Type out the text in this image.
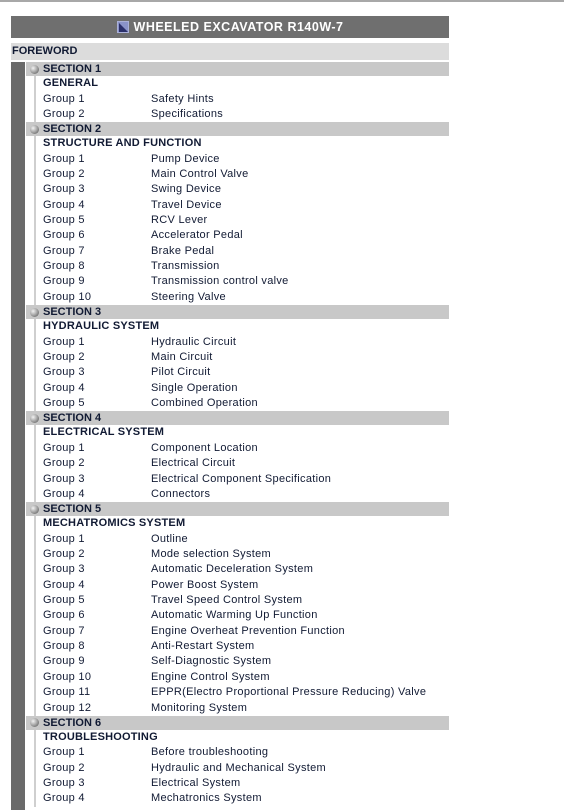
WHEELED EXCAVATOR R140W-7
FOREWORD
SECTION 1
GENERAL
Group 1	Safety Hints
Group 2	Specifications
SECTION 2
STRUCTURE AND FUNCTION
Group 1	Pump Device
Group 2	Main Control Valve
Group 3	Swing Device
Group 4	Travel Device
Group 5	RCV Lever
Group 6	Accelerator Pedal
Group 7	Brake Pedal
Group 8	Transmission
Group 9	Transmission control valve
Group 10	Steering Valve
SECTION 3
HYDRAULIC SYSTEM
Group 1	Hydraulic Circuit
Group 2	Main Circuit
Group 3	Pilot Circuit
Group 4	Single Operation
Group 5	Combined Operation
SECTION 4
ELECTRICAL SYSTEM
Group 1	Component Location
Group 2	Electrical Circuit
Group 3	Electrical Component Specification
Group 4	Connectors
SECTION 5
MECHATROMICS SYSTEM
Group 1	Outline
Group 2	Mode selection System
Group 3	Automatic Deceleration System
Group 4	Power Boost System
Group 5	Travel Speed Control System
Group 6	Automatic Warming Up Function
Group 7	Engine Overheat Prevention Function
Group 8	Anti-Restart System
Group 9	Self-Diagnostic System
Group 10	Engine Control System
Group 11	EPPR(Electro Proportional Pressure Reducing) Valve
Group 12	Monitoring System
SECTION 6
TROUBLESHOOTING
Group 1	Before troubleshooting
Group 2	Hydraulic and Mechanical System
Group 3	Electrical System
Group 4	Mechatronics System
